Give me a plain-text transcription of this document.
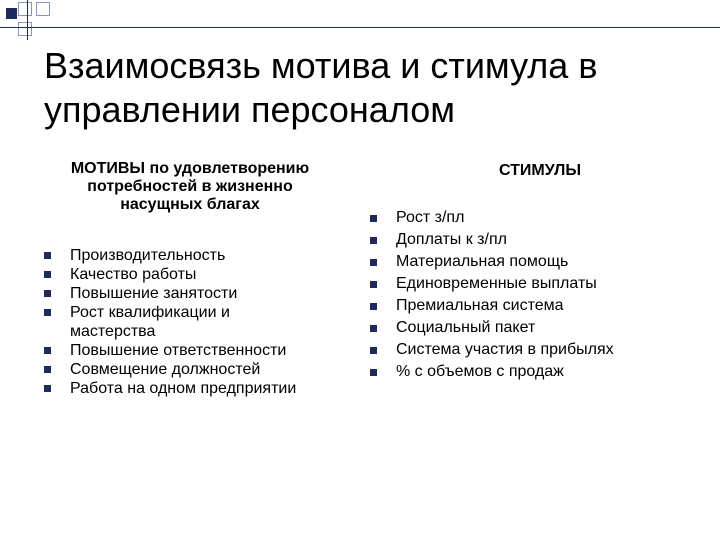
Взаимосвязь мотива и стимула в управлении персоналом
МОТИВЫ по удовлетворению
потребностей в жизненно
насущных благах
СТИМУЛЫ
Производительность
Качество работы
Повышение занятости
Рост квалификации и мастерства
Повышение ответственности
Совмещение должностей
Работа на одном предприятии
Рост з/пл
Доплаты к з/пл
Материальная помощь
Единовременные выплаты
Премиальная система
Социальный пакет
Система участия в прибылях
% с объемов с продаж
